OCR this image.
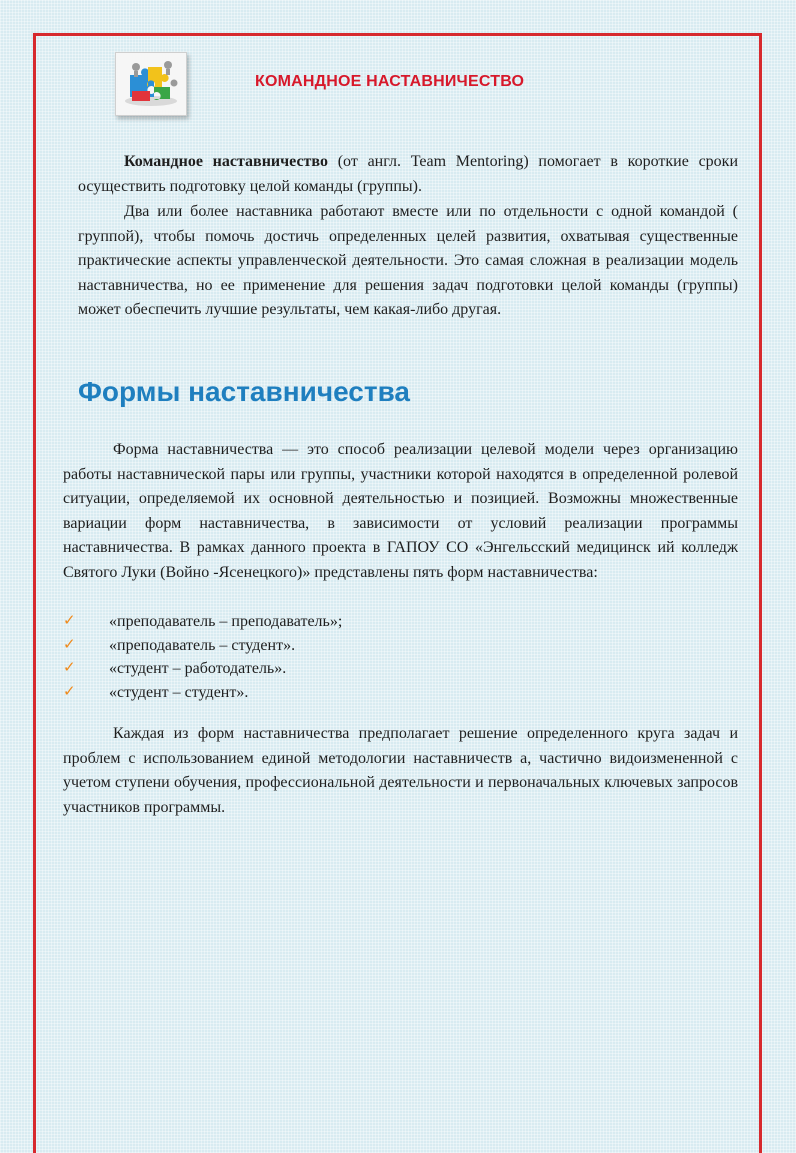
КОМАНДНОЕ НАСТАВНИЧЕСТВО

Командное наставничество (от англ. Team Mentoring) помогает в короткие сроки осуществить подготовку целой команды (группы).

Два или более наставника работают вместе или по отдельности с одной командой ( группой), чтобы помочь достичь определенных целей развития, охватывая существенные практические аспекты управленческой деятельности. Это самая сложная в реализации модель наставничества, но ее применение для решения задач подготовки целой команды (группы) может обеспечить лучшие результаты, чем какая-либо другая.

Формы наставничества

Форма наставничества — это способ реализации целевой модели через организацию работы наставнической пары или группы, участники которой находятся в определенной ролевой ситуации, определяемой их основной деятельностью и позицией. Возможны множественные вариации форм наставничества, в зависимости от условий реализации программы наставничества. В рамках данного проекта в ГАПОУ СО «Энгельсский медицинск ий колледж Святого Луки (Войно -Ясенецкого)» представлены пять форм наставничества:

✓ «преподаватель – преподаватель»;
✓ «преподаватель – студент».
✓ «студент – работодатель».
✓ «студент – студент».

Каждая из форм наставничества предполагает решение определенного круга задач и проблем с использованием единой методологии наставничеств а, частично видоизмененной с учетом ступени обучения, профессиональной деятельности и первоначальных ключевых запросов участников программы.
